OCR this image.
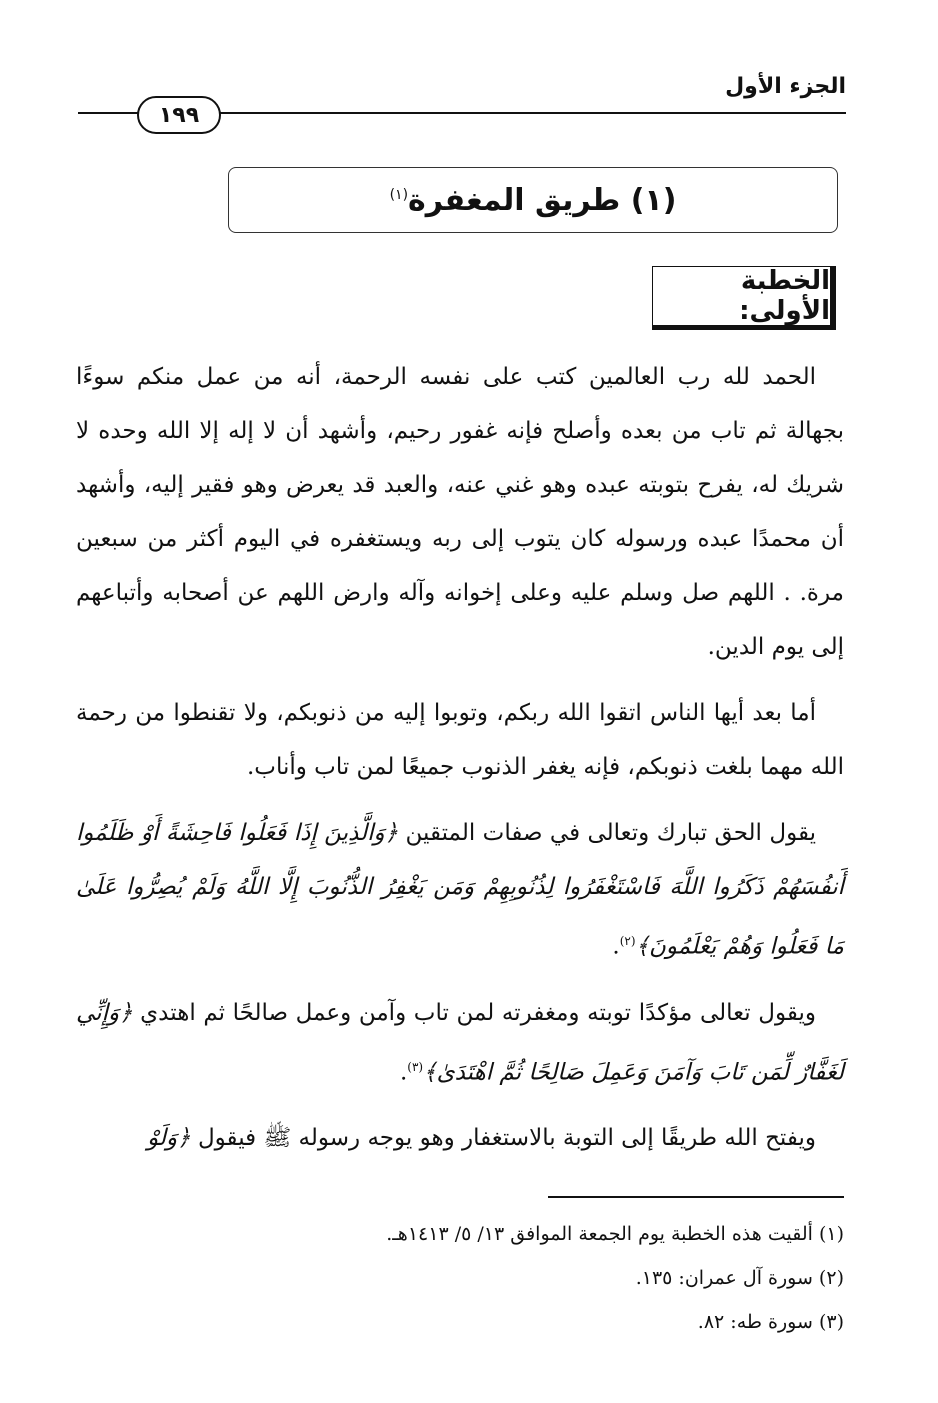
الجزء الأول
١٩٩
(١) طريق المغفرة$^{(١)}$
الخطبة الأولى:

الحمد لله رب العالمين كتب على نفسه الرحمة، أنه من عمل منكم سوءًا بجهالة ثم تاب من بعده وأصلح فإنه غفور رحيم، وأشهد أن لا إله إلا الله وحده لا شريك له، يفرح بتوبته عبده وهو غني عنه، والعبد قد يعرض وهو فقير إليه، وأشهد أن محمدًا عبده ورسوله كان يتوب إلى ربه ويستغفره في اليوم أكثر من سبعين مرة. . اللهم صل وسلم عليه وعلى إخوانه وآله وارض اللهم عن أصحابه وأتباعهم إلى يوم الدين.

أما بعد أيها الناس اتقوا الله ربكم، وتوبوا إليه من ذنوبكم، ولا تقنطوا من رحمة الله مهما بلغت ذنوبكم، فإنه يغفر الذنوب جميعًا لمن تاب وأناب.

يقول الحق تبارك وتعالى في صفات المتقين ﴿وَالَّذِينَ إِذَا فَعَلُوا فَاحِشَةً أَوْ ظَلَمُوا أَنفُسَهُمْ ذَكَرُوا اللَّهَ فَاسْتَغْفَرُوا لِذُنُوبِهِمْ وَمَن يَغْفِرُ الذُّنُوبَ إِلَّا اللَّهُ وَلَمْ يُصِرُّوا عَلَىٰ مَا فَعَلُوا وَهُمْ يَعْلَمُونَ﴾$^{(٢)}$.

ويقول تعالى مؤكدًا توبته ومغفرته لمن تاب وآمن وعمل صالحًا ثم اهتدي ﴿وَإِنِّي لَغَفَّارٌ لِّمَن تَابَ وَآمَنَ وَعَمِلَ صَالِحًا ثُمَّ اهْتَدَىٰ﴾$^{(٣)}$.

ويفتح الله طريقًا إلى التوبة بالاستغفار وهو يوجه رسوله ﷺ فيقول ﴿وَلَوْ

(١) ألقيت هذه الخطبة يوم الجمعة الموافق ١٣/ ٥/ ١٤١٣هـ.

(٢) سورة آل عمران: ١٣٥.

(٣) سورة طه: ٨٢.
